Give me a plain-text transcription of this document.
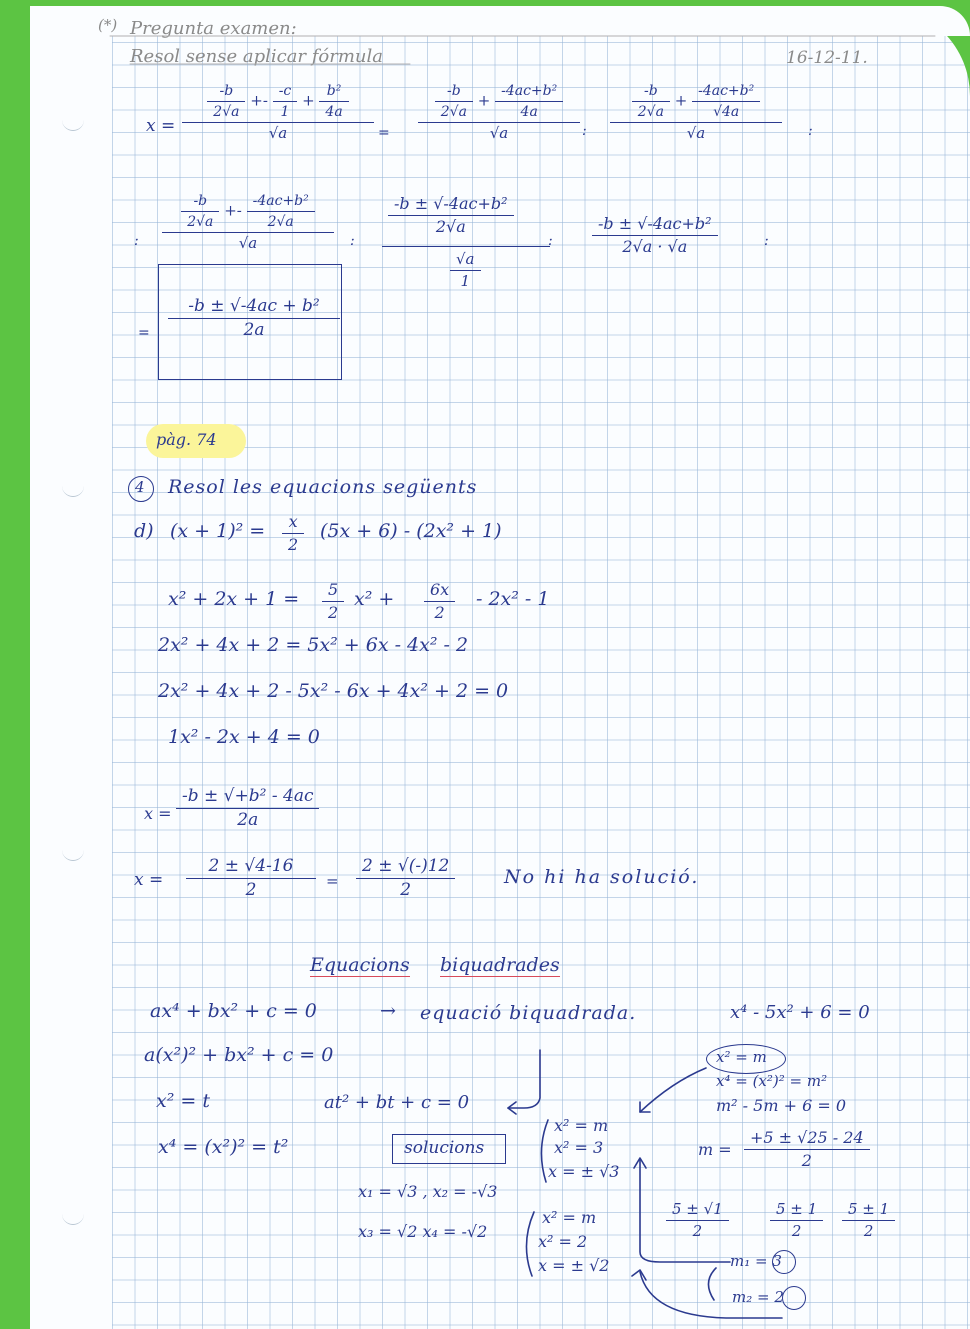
(*) Pregunta examen:
Resol sense aplicar fórmula	16-12-11.
$x = \frac{\frac{-b}{2√a} +- \frac{-c}{1} + \frac{\text{b²}}{4a}}{√a} = \frac{\frac{-b}{2√a} + \frac{\text{-4ac+b²}}{4a}}{√a}$ : $\frac{\frac{-b}{2√a} + \frac{\text{-4ac+b²}}{√4a}}{√a}$ :
: $\frac{\frac{-b}{2√a} +- \frac{\text{-4ac+b²}}{2√a}}{√a}$ :
$\frac{\text{-b ± √-4ac+b²}}{2√a}$
$\frac{√a}{1}$
: $\frac{\text{-b ± √-4ac+b²}}{2√a \cdot √a}$	:
= $\frac{\text{-b ± √-4ac + b²}}{2a}$
pàg. 74
4 Resol les equacions següents
d) $(x + 1)^2 = \frac{x}{2} (5x + 6) - (2x^2 + 1)$
$x^2 + 2x + 1 = \frac{5}{2} x^2 + \frac{6x}{2} - 2x^2 - 1$
2x² + 4x + 2 = 5x² + 6x - 4x² - 2
2x² + 4x + 2 - 5x² - 6x + 4x² + 2 = 0
1x² - 2x + 4 = 0
$x = \frac{\text{-b ± √+b² - 4ac}}{2a}$
$x = \frac{2 \pm √4-16}{2} = \frac{2 \pm √(-)12}{2}$	No hi ha solució.
Equacions biquadrades
ax⁴ + bx² + c = 0	→ equació biquadrada.	x⁴ - 5x² + 6 = 0
a(x²)² + bx² + c = 0
x² = t	at² + bt + c = 0
x⁴ = (x²)² = t²	solucions
x₁ = √3 , x₂ = -√3
x₃ = √2 x₄ = -√2
x² = m
x² = 3
x = ± √3
x² = m
x² = 2
x = ± √2
x² = m
x⁴ = (x²)² = m²
m² - 5m + 6 = 0
$m = \frac{+5 \pm √25 - 24}{2}$
$\frac{5 \pm √1}{2}$	$\frac{5 \pm 1}{2} \frac{5 \pm 1}{2}$
m₁ = 3
m₂ = 2
